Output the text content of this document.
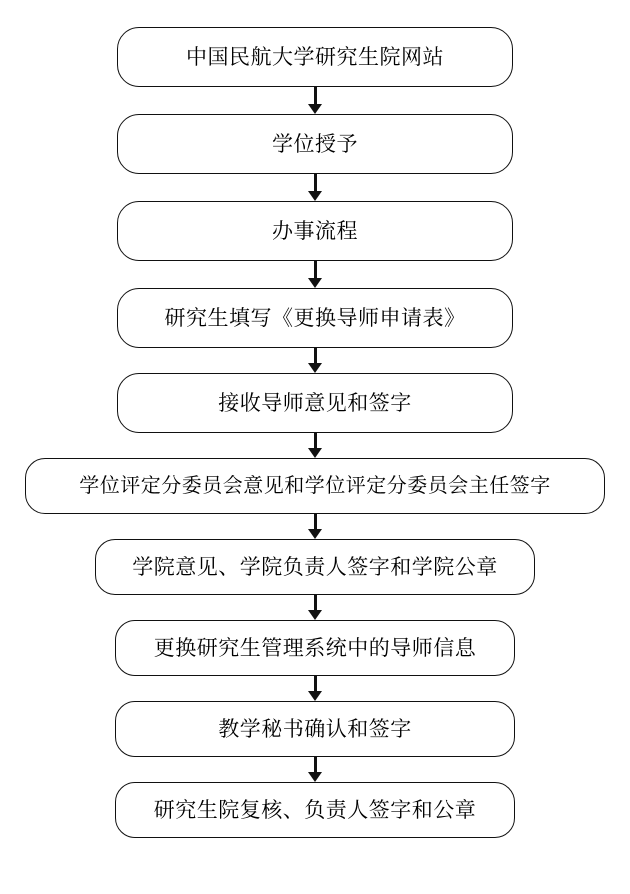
中国民航大学研究生院网站
学位授予
办事流程
研究生填写《更换导师申请表》
接收导师意见和签字
学位评定分委员会意见和学位评定分委员会主任签字
学院意见、学院负责人签字和学院公章
更换研究生管理系统中的导师信息
教学秘书确认和签字
研究生院复核、负责人签字和公章
